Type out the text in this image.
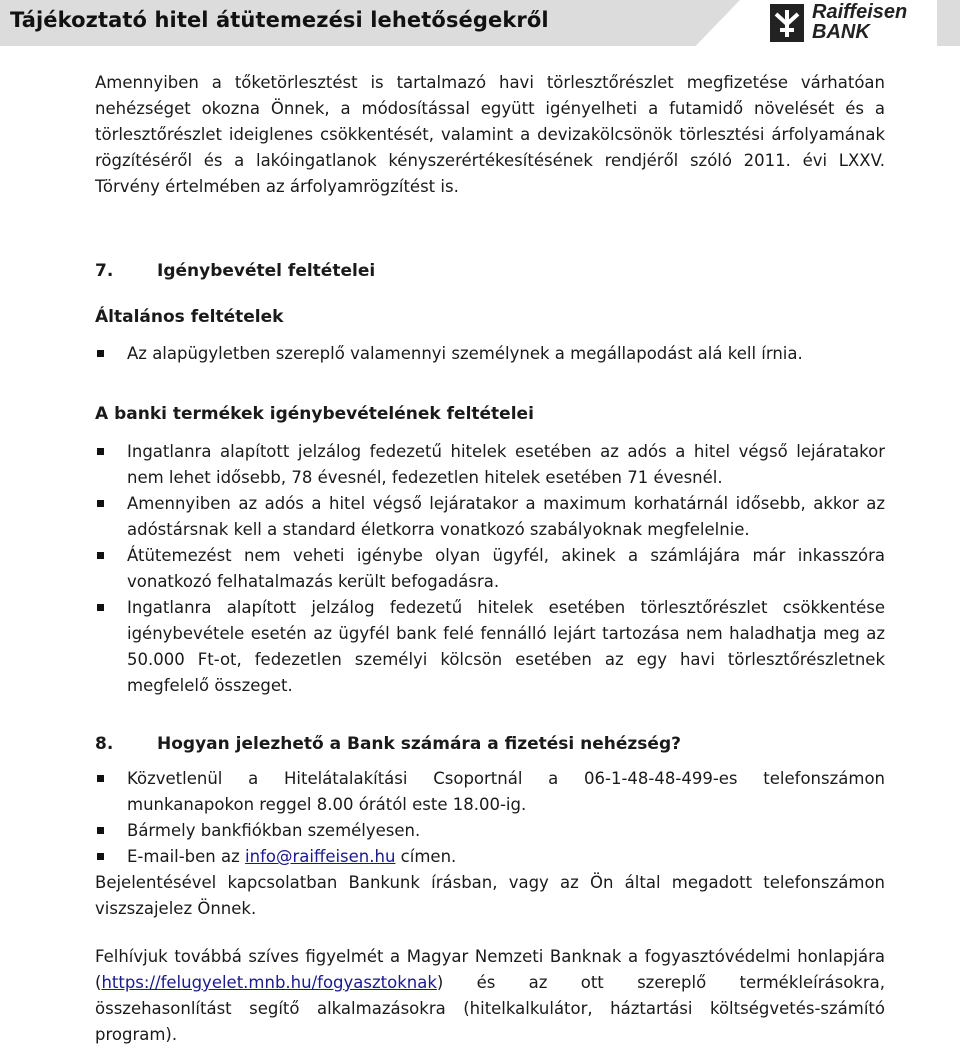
Tájékoztató hitel átütemezési lehetőségekről	Raiffeisen
BANK

Amennyiben a tőketörlesztést is tartalmazó havi törlesztőrészlet megfizetése várhatóan nehézséget okozna Önnek, a módosítással együtt igényelheti a futamidő növelését és a törlesztőrészlet ideiglenes csökkentését, valamint a devizakölcsönök törlesztési árfolyamának rögzítéséről és a lakóingatlanok kényszerértékesítésének rendjéről szóló 2011. évi LXXV. Törvény értelmében az árfolyamrögzítést is.

7.	Igénybevétel feltételei
Általános feltételek
Az alapügyletben szereplő valamennyi személynek a megállapodást alá kell írnia.
A banki termékek igénybevételének feltételei
Ingatlanra alapított jelzálog fedezetű hitelek esetében az adós a hitel végső lejáratakor nem lehet idősebb, 78 évesnél, fedezetlen hitelek esetében 71 évesnél.
Amennyiben az adós a hitel végső lejáratakor a maximum korhatárnál idősebb, akkor az adóstársnak kell a standard életkorra vonatkozó szabályoknak megfelelnie.
Átütemezést nem veheti igénybe olyan ügyfél, akinek a számlájára már inkasszóra vonatkozó felhatalmazás került befogadásra.
Ingatlanra alapított jelzálog fedezetű hitelek esetében törlesztőrészlet csökkentése igénybevétele esetén az ügyfél bank felé fennálló lejárt tartozása nem haladhatja meg az 50.000 Ft-ot, fedezetlen személyi kölcsön esetében az egy havi törlesztőrészletnek megfelelő összeget.
8.	Hogyan jelezhető a Bank számára a fizetési nehézség?
Közvetlenül a Hitelátalakítási Csoportnál a 06-1-48-48-499-es telefonszámon munkanapokon reggel 8.00 órától este 18.00-ig.
Bármely bankfiókban személyesen.
E-mail-ben az info@raiffeisen.hu címen.

Bejelentésével kapcsolatban Bankunk írásban, vagy az Ön által megadott telefonszámon viszszajelez Önnek.

Felhívjuk továbbá szíves figyelmét a Magyar Nemzeti Banknak a fogyasztóvédelmi honlapjára (https://felugyelet.mnb.hu/fogyasztoknak) és az ott szereplő termékleírásokra, összehasonlítást segítő alkalmazásokra (hitelkalkulátor, háztartási költségvetés-számító program).
